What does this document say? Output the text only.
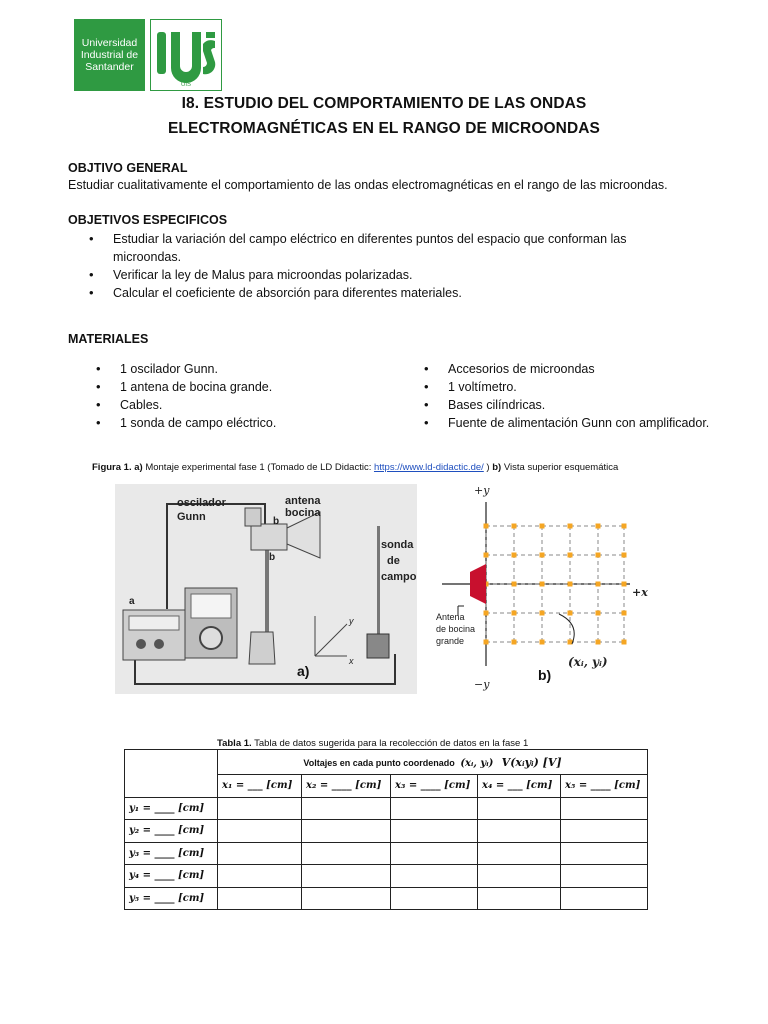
Universidad
Industrial de
Santander
UIS
I8. ESTUDIO DEL COMPORTAMIENTO DE LAS ONDAS
ELECTROMAGNÉTICAS EN EL RANGO DE MICROONDAS
OBJTIVO GENERAL
Estudiar cualitativamente el comportamiento de las ondas electromagnéticas en el rango de las microondas.
OBJETIVOS ESPECIFICOS
• Estudiar la variación del campo eléctrico en diferentes puntos del espacio que conforman las microondas.
• Verificar la ley de Malus para microondas polarizadas.
• Calcular el coeficiente de absorción para diferentes materiales.
MATERIALES
• 1 oscilador Gunn.
• 1 antena de bocina grande.
• Cables.
• 1 sonda de campo eléctrico.
• Accesorios de microondas
• 1 voltímetro.
• Bases cilíndricas.
• Fuente de alimentación Gunn con amplificador.
Figura 1. a) Montaje experimental fase 1 (Tomado de LD Didactic: https://www.ld-didactic.de/ ) b) Vista superior esquemática
oscilador
Gunn
antena
bocina
sonda
de
campo
a
b
b
x
y
a)
+y
−y
+x
Antena
de bocina
grande
(xᵢ, yᵢ)
b)
Tabla 1. Tabla de datos sugerida para la recolección de datos en la fase 1
	Voltajes en cada punto coordenado (xᵢ, yᵢ) V(xᵢyᵢ) [V]				
	x₁ = ___ [cm]	x₂ = ____ [cm]	x₃ = ____ [cm]	x₄ = ___ [cm]	x₅ = ____ [cm]
y₁ = ____ [cm]					
y₂ = ____ [cm]					
y₃ = ____ [cm]					
y₄ = ____ [cm]					
y₅ = ____ [cm]					
